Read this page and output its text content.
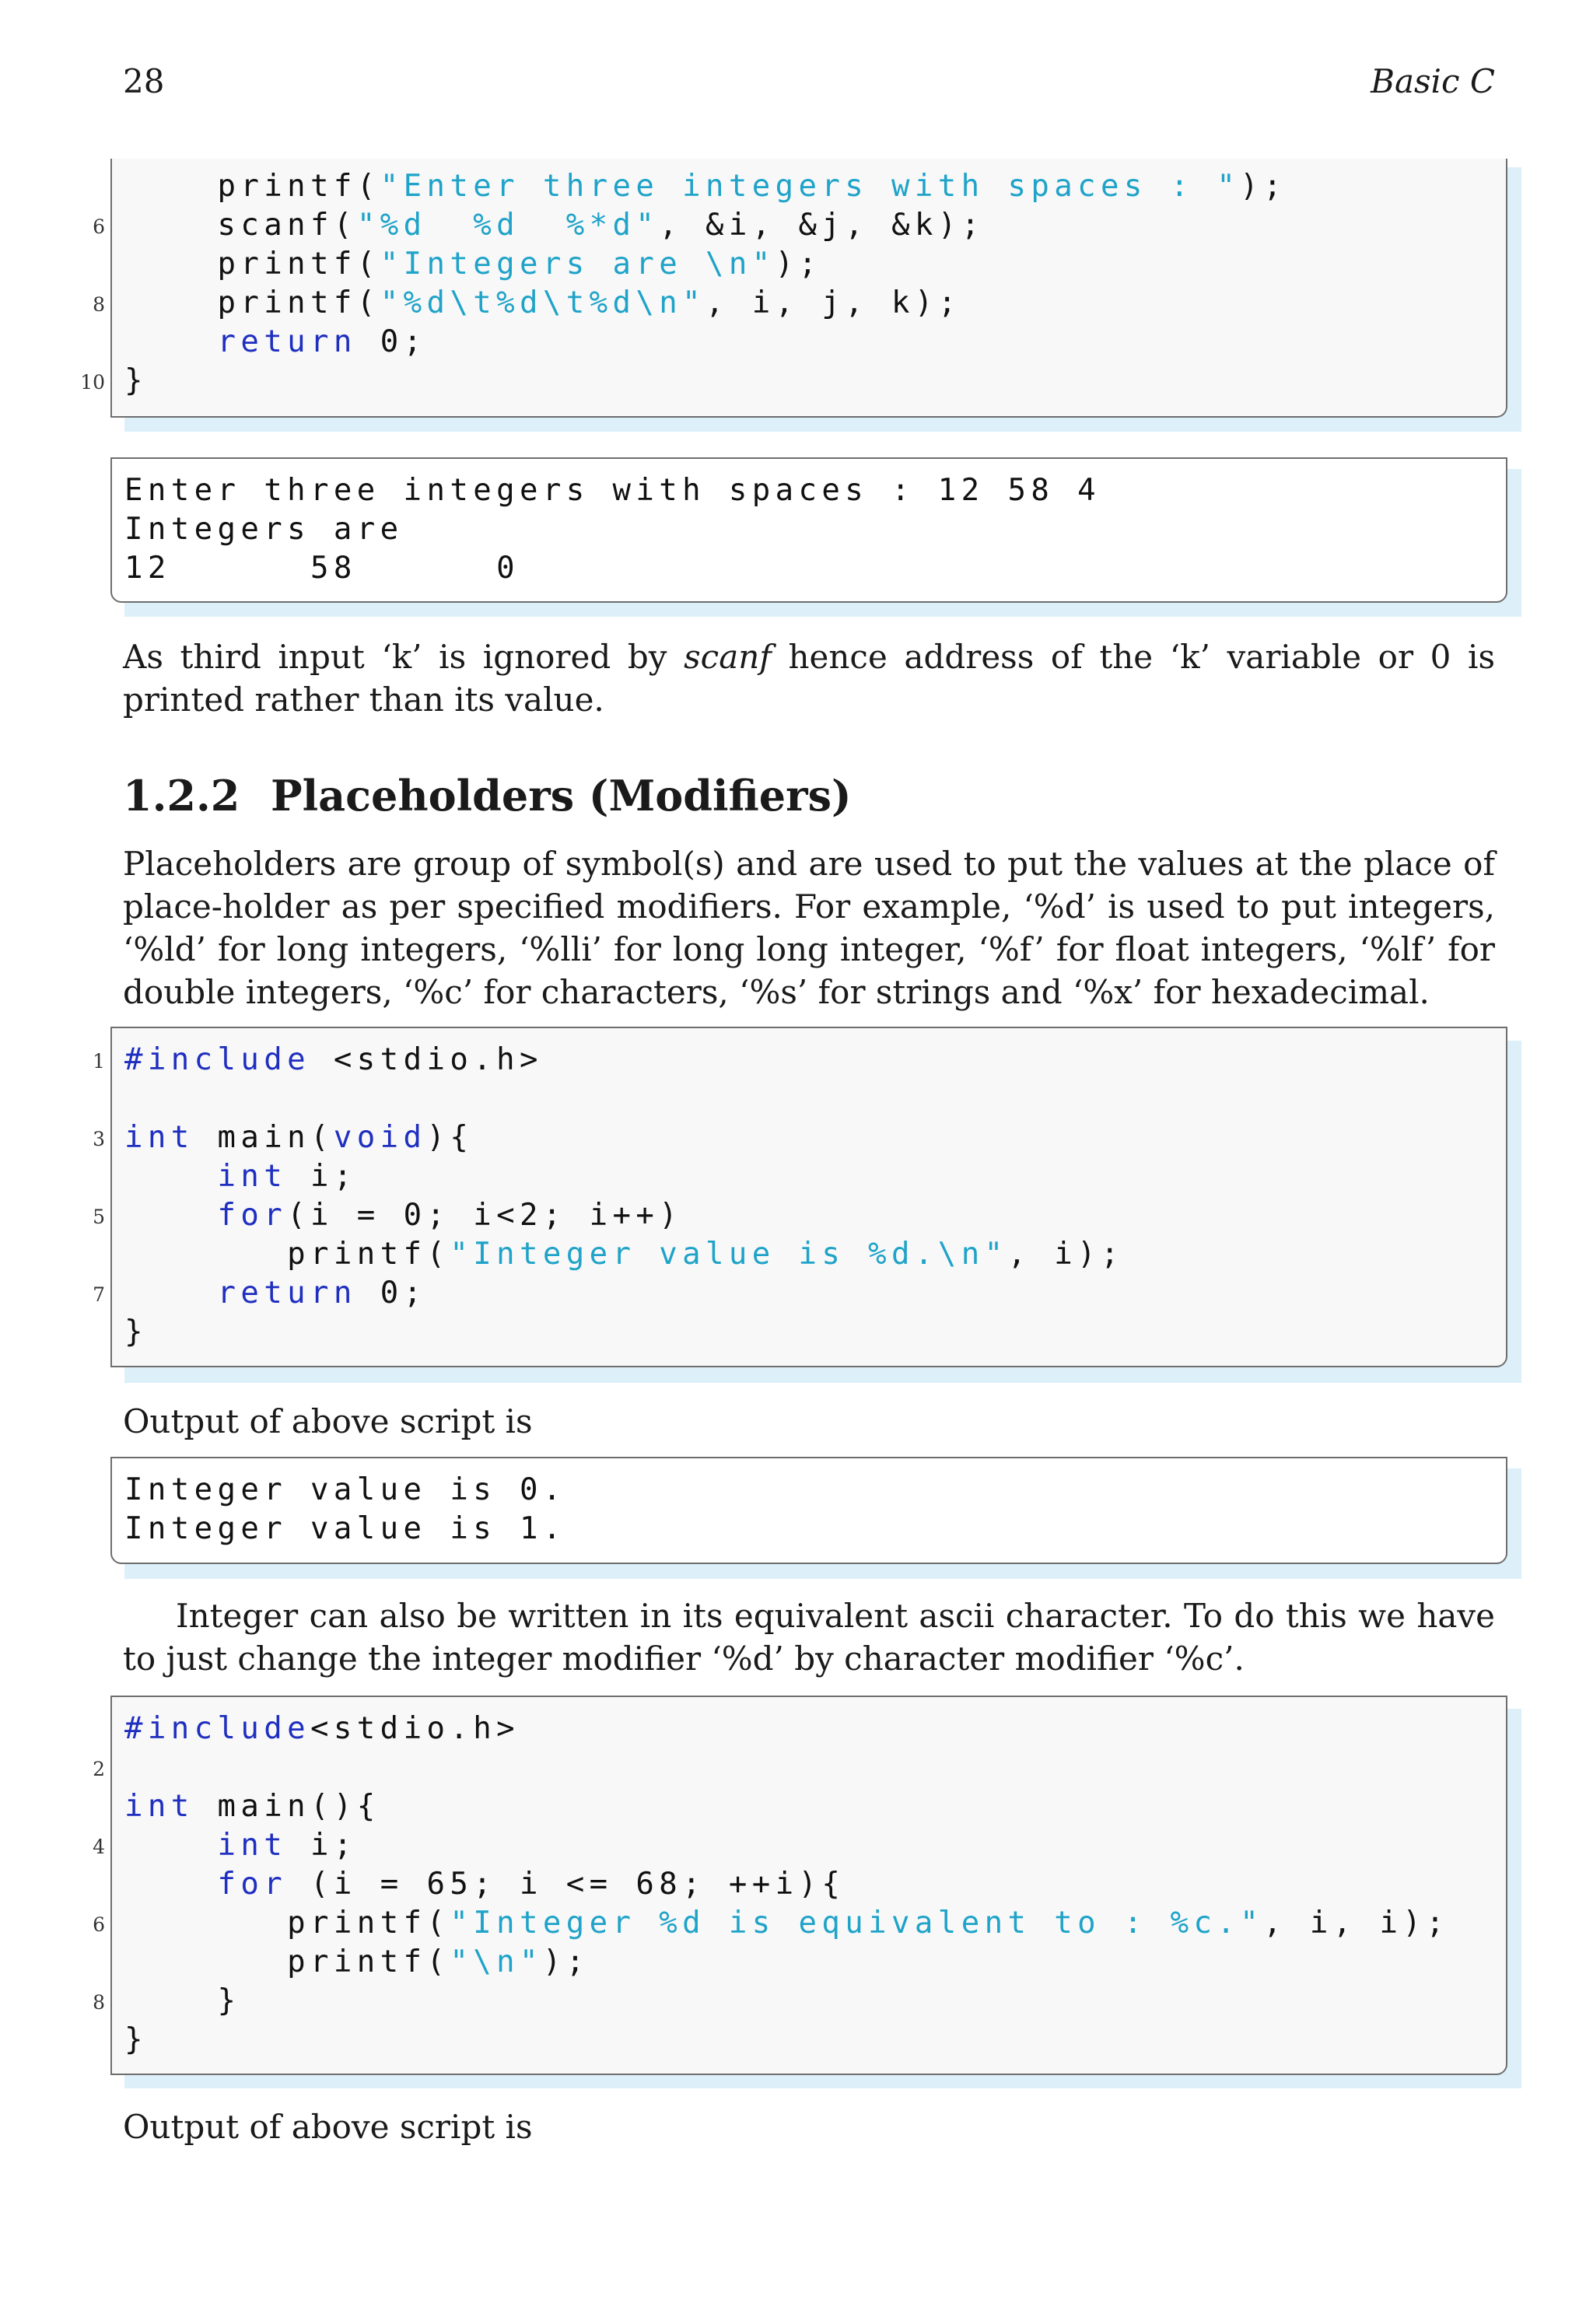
28	Basic C
printf("Enter three integers with spaces : ");
6 scanf("%d  %d  %*d", &i, &j, &k);
printf("Integers are \n");
8 printf("%d\t%d\t%d\n", i, j, k);
return 0;
10 }
Enter three integers with spaces : 12 58 4
Integers are
12      58      0
As third input ‘k’ is ignored by scanf hence address of the ‘k’ variable or 0 is printed rather than its value.
1.2.2 Placeholders (Modifiers)
Placeholders are group of symbol(s) and are used to put the values at the place of place-holder as per specified modifiers. For example, ‘%d’ is used to put integers, ‘%ld’ for long integers, ‘%lli’ for long long integer, ‘%f’ for float integers, ‘%lf’ for double integers, ‘%c’ for characters, ‘%s’ for strings and ‘%x’ for hexadecimal.
1 #include <stdio.h>
3 int main(void){
int i;
5	for(i = 0; i<2; i++)
printf("Integer value is %d.\n", i);
7	return 0;
}
Output of above script is
Integer value is 0.
Integer value is 1.
Integer can also be written in its equivalent ascii character. To do this we have to just change the integer modifier ‘%d’ by character modifier ‘%c’.
#include<stdio.h>
2
int main(){
4	int i;
for (i = 65; i <= 68; ++i){
6 printf("Integer %d is equivalent to : %c.", i, i);
printf("\n");
8 }
}
Output of above script is
